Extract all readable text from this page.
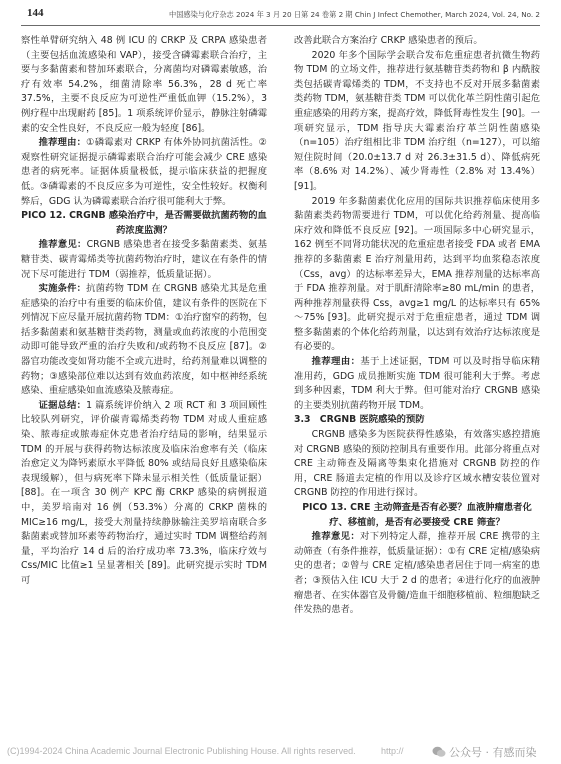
144	中国感染与化疗杂志 2024 年 3 月 20 日第 24 卷第 2 期 Chin J Infect Chemother, March 2024, Vol. 24, No. 2

察性单臂研究纳入 48 例 ICU 的 CRKP 及 CRPA 感染患者（主要包括血流感染和 VAP），接受含磷霉素联合治疗，主要与多黏菌素和替加环素联合，分离菌均对磷霉素敏感，治疗有效率 54.2%，细菌清除率 56.3%，28 d 死亡率 37.5%，主要不良反应为可逆性严重低血钾（15.2%），3 例疗程中出现耐药 [85]。1 项系统评价显示，静脉注射磷霉素的安全性良好，不良反应一般为轻度 [86]。

推荐理由：①磷霉素对 CRKP 有体外协同抗菌活性。②观察性研究证据提示磷霉素联合治疗可能会减少 CRE 感染患者的病死率。证据体质量极低，提示临床获益的把握度低。③磷霉素的不良反应多为可逆性，安全性较好。权衡利弊后，GDG 认为磷霉素联合治疗很可能利大于弊。

PICO 12. CRGNB 感染治疗中，是否需要做抗菌药物的血药浓度监测？

推荐意见：CRGNB 感染患者在接受多黏菌素类、氨基糖苷类、碳青霉烯类等抗菌药物治疗时，建议在有条件的情况下尽可能进行 TDM（弱推荐，低质量证据）。

实施条件：抗菌药物 TDM 在 CRGNB 感染尤其是危重症感染的治疗中有重要的临床价值，建议有条件的医院在下列情况下应尽量开展抗菌药物 TDM：①治疗窗窄的药物，包括多黏菌素和氨基糖苷类药物，测量或血药浓度的小范围变动即可能导致严重的治疗失败和/或药物不良反应 [87]。②器官功能改变如肾功能不全或亢进时，给药剂量难以调整的药物；③感染部位难以达到有效血药浓度，如中枢神经系统感染、重症感染如血流感染及脓毒症。

证据总结：1 篇系统评价纳入 2 项 RCT 和 3 项回顾性比较队列研究，评价碳青霉烯类药物 TDM 对成人重症感染、脓毒症或脓毒症休克患者治疗结局的影响，结果显示 TDM 的开展与获得药物达标浓度及临床治愈率有关（临床治愈定义为降钙素原水平降低 80% 或结局良好且感染临床表现缓解），但与病死率下降未显示相关性（低质量证据）[88]。在一项含 30 例产 KPC 酶 CRKP 感染的病例报道中，美罗培南对 16 例（53.3%）分离的 CRKP 菌株的 MIC≥16 mg/L，接受大剂量持续静脉输注美罗培南联合多黏菌素或替加环素等药物治疗，通过实时 TDM 调整给药剂量，平均治疗 14 d 后的治疗成功率 73.3%，临床疗效与 Css/MIC 比值≥1 呈显著相关 [89]。此研究提示实时 TDM 可

改善此联合方案治疗 CRKP 感染患者的预后。

2020 年多个国际学会联合发布危重症患者抗微生物药物 TDM 的立场文件，推荐进行氨基糖苷类药物和 β 内酰胺类包括碳青霉烯类的 TDM，不支持也不反对开展多黏菌素类药物 TDM，氨基糖苷类 TDM 可以优化革兰阴性菌引起危重症感染的用药方案，提高疗效，降低肾毒性发生 [90]。一项研究显示，TDM 指导庆大霉素治疗革兰阴性菌感染（n=105）治疗组相比非 TDM 治疗组（n=127），可以缩短住院时间（20.0±13.7 d 对 26.3±31.5 d）、降低病死率（8.6% 对 14.2%）、减少肾毒性（2.8% 对 13.4%）[91]。

2019 年多黏菌素优化应用的国际共识推荐临床使用多黏菌素类药物需要进行 TDM，可以优化给药剂量、提高临床疗效和降低不良反应 [92]。一项国际多中心研究显示，162 例至不同肾功能状况的危重症患者接受 FDA 或者 EMA 推荐的多黏菌素 E 治疗剂量用药，达到平均血浆稳态浓度（Css，avg）的达标率差异大，EMA 推荐剂量的达标率高于 FDA 推荐剂量。对于肌酐清除率≥80 mL/min 的患者，两种推荐剂量获得 Css，avg≥1 mg/L 的达标率只有 65%～75% [93]。此研究提示对于危重症患者，通过 TDM 调整多黏菌素的个体化给药剂量，以达到有效治疗达标浓度是有必要的。

推荐理由：基于上述证据，TDM 可以及时指导临床精准用药，GDG 成员推断实施 TDM 很可能利大于弊。考虑到多种因素，TDM 利大于弊。但可能对治疗 CRGNB 感染的主要类别抗菌药物开展 TDM。

3.3　CRGNB 医院感染的预防

CRGNB 感染多为医院获得性感染，有效落实感控措施对 CRGNB 感染的预防控制具有重要作用。此部分将重点对 CRE 主动筛查及隔离等集束化措施对 CRGNB 防控的作用，CRE 肠道去定植的作用以及诊疗区域水槽安装位置对 CRGNB 防控的作用进行探讨。

PICO 13. CRE 主动筛查是否有必要？血液肿瘤患者化疗、移植前，是否有必要接受 CRE 筛查？

推荐意见：对下列特定人群，推荐开展 CRE 携带的主动筛查（有条件推荐，低质量证据）：①有 CRE 定植/感染病史的患者；②曾与 CRE 定植/感染患者居住于同一病室的患者；③预估入住 ICU 大于 2 d 的患者；④进行化疗的血液肿瘤患者、在实体器官及骨髓/造血干细胞移植前、粒细胞缺乏伴发热的患者。

(C)1994-2024 China Academic Journal Electronic Publishing House. All rights reserved.	http://	公众号 · 有感而染
